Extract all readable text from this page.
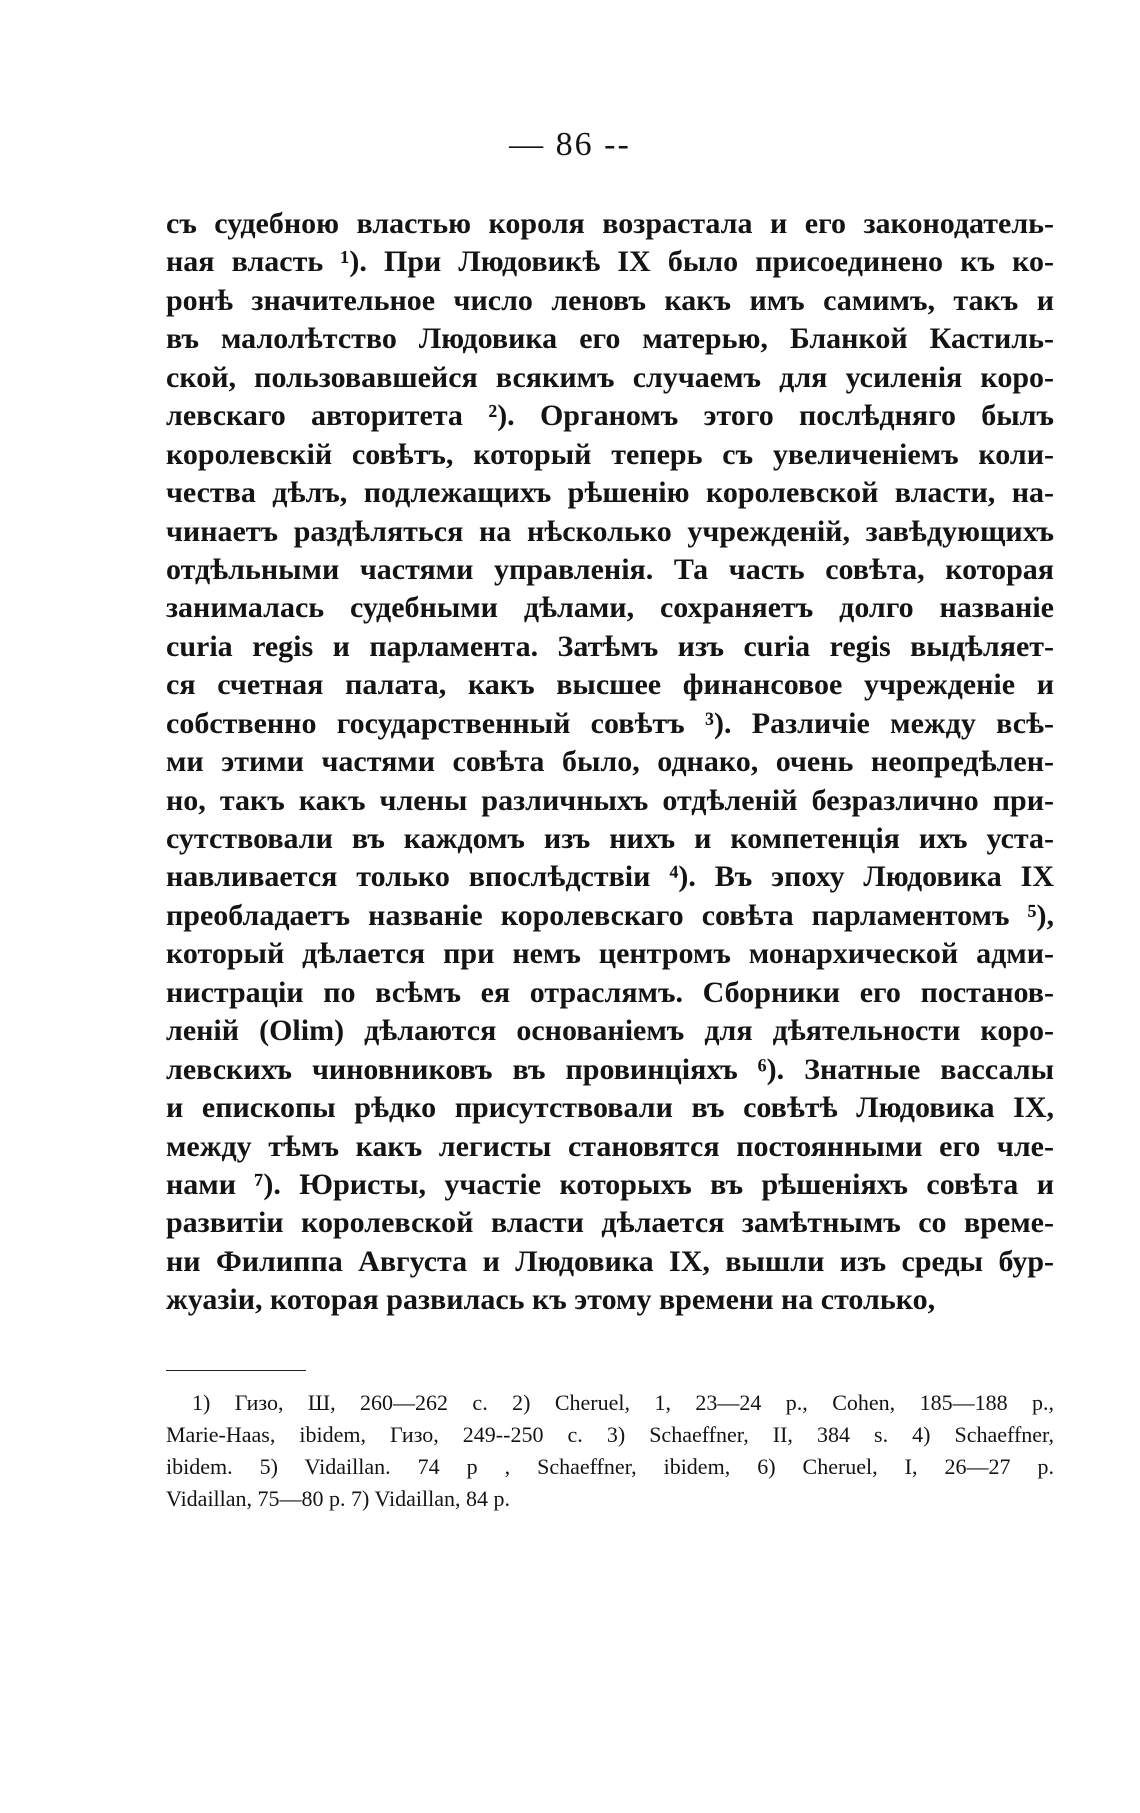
— 86 --
съ судебною властью короля возрастала и его законодатель-
ная власть ¹). При Людовикѣ IX было присоединено къ ко-
ронѣ значительное число леновъ какъ имъ самимъ, такъ и
въ малолѣтство Людовика его матерью, Бланкой Кастиль-
ской, пользовавшейся всякимъ случаемъ для усиленія коро-
левскаго авторитета ²). Органомъ этого послѣдняго былъ
королевскій совѣтъ, который теперь съ увеличеніемъ коли-
чества дѣлъ, подлежащихъ рѣшенію королевской власти, на-
чинаетъ раздѣляться на нѣсколько учрежденій, завѣдующихъ
отдѣльными частями управленія. Та часть совѣта, которая
занималась судебными дѣлами, сохраняетъ долго названіе
curia regis и парламента. Затѣмъ изъ curia regis выдѣляет-
ся счетная палата, какъ высшее финансовое учрежденіе и
собственно государственный совѣтъ ³). Различіе между всѣ-
ми этими частями совѣта было, однако, очень неопредѣлен-
но, такъ какъ члены различныхъ отдѣленій безразлично при-
сутствовали въ каждомъ изъ нихъ и компетенція ихъ уста-
навливается только впослѣдствіи ⁴). Въ эпоху Людовика IX
преобладаетъ названіе королевскаго совѣта парламентомъ ⁵),
который дѣлается при немъ центромъ монархической адми-
нистраціи по всѣмъ ея отраслямъ. Сборники его постанов-
леній (Olim) дѣлаются основаніемъ для дѣятельности коро-
левскихъ чиновниковъ въ провинціяхъ ⁶). Знатные вассалы
и епископы рѣдко присутствовали въ совѣтѣ Людовика IX,
между тѣмъ какъ легисты становятся постоянными его чле-
нами ⁷). Юристы, участіе которыхъ въ рѣшеніяхъ совѣта и
развитіи королевской власти дѣлается замѣтнымъ со време-
ни Филиппа Августа и Людовика IX, вышли изъ среды бур-
жуазіи, которая развилась къ этому времени на столько,
1) Гизо, Ш, 260—262 с. 2) Cheruel, 1, 23—24 p., Cohen, 185—188 p.,
Marie-Haas, ibidem, Гизо, 249--250 с. 3) Schaeffner, II, 384 s. 4) Schaeffner,
ibidem. 5) Vidaillan. 74 p , Schaeffner, ibidem, 6) Cheruel, I, 26—27 p.
Vidaillan, 75—80 p. 7) Vidaillan, 84 p.
